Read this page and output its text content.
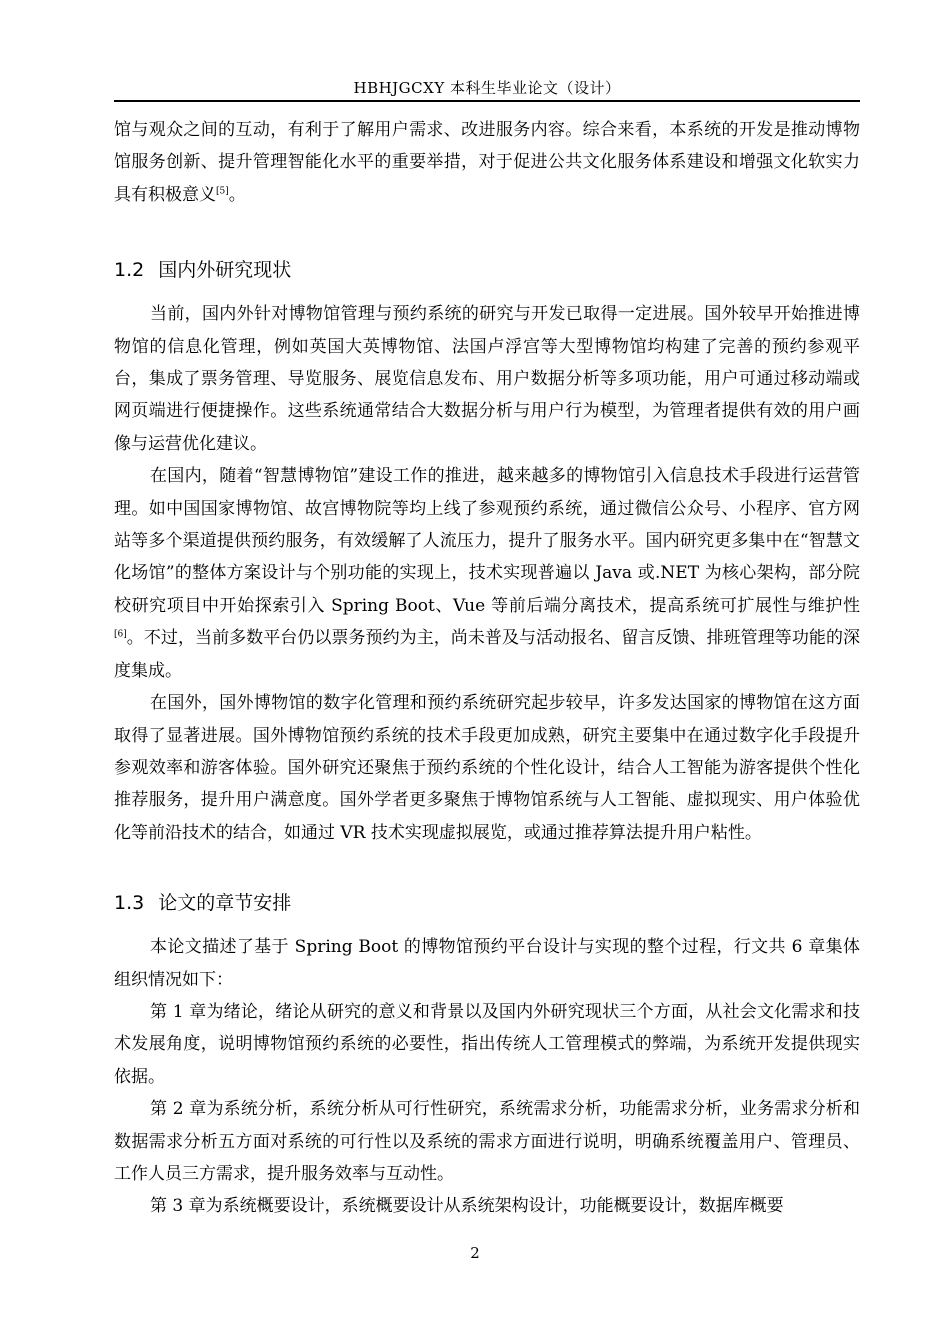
HBHJGCXY 本科生毕业论文（设计）

馆与观众之间的互动，有利于了解用户需求、改进服务内容。综合来看，本系统的开发是推动博物馆服务创新、提升管理智能化水平的重要举措，对于促进公共文化服务体系建设和增强文化软实力具有积极意义[5]。

1.2 国内外研究现状

当前，国内外针对博物馆管理与预约系统的研究与开发已取得一定进展。国外较早开始推进博物馆的信息化管理，例如英国大英博物馆、法国卢浮宫等大型博物馆均构建了完善的预约参观平台，集成了票务管理、导览服务、展览信息发布、用户数据分析等多项功能，用户可通过移动端或网页端进行便捷操作。这些系统通常结合大数据分析与用户行为模型，为管理者提供有效的用户画像与运营优化建议。

在国内，随着“智慧博物馆”建设工作的推进，越来越多的博物馆引入信息技术手段进行运营管理。如中国国家博物馆、故宫博物院等均上线了参观预约系统，通过微信公众号、小程序、官方网站等多个渠道提供预约服务，有效缓解了人流压力，提升了服务水平。国内研究更多集中在“智慧文化场馆”的整体方案设计与个别功能的实现上，技术实现普遍以 Java 或.NET 为核心架构，部分院校研究项目中开始探索引入 Spring Boot、Vue 等前后端分离技术，提高系统可扩展性与维护性[6]。不过，当前多数平台仍以票务预约为主，尚未普及与活动报名、留言反馈、排班管理等功能的深度集成。

在国外，国外博物馆的数字化管理和预约系统研究起步较早，许多发达国家的博物馆在这方面取得了显著进展。国外博物馆预约系统的技术手段更加成熟，研究主要集中在通过数字化手段提升参观效率和游客体验。国外研究还聚焦于预约系统的个性化设计，结合人工智能为游客提供个性化推荐服务，提升用户满意度。国外学者更多聚焦于博物馆系统与人工智能、虚拟现实、用户体验优化等前沿技术的结合，如通过 VR 技术实现虚拟展览，或通过推荐算法提升用户粘性。

1.3 论文的章节安排

本论文描述了基于 Spring Boot 的博物馆预约平台设计与实现的整个过程，行文共 6 章集体组织情况如下：

第 1 章为绪论，绪论从研究的意义和背景以及国内外研究现状三个方面，从社会文化需求和技术发展角度，说明博物馆预约系统的必要性，指出传统人工管理模式的弊端，为系统开发提供现实依据。

第 2 章为系统分析，系统分析从可行性研究，系统需求分析，功能需求分析，业务需求分析和数据需求分析五方面对系统的可行性以及系统的需求方面进行说明，明确系统覆盖用户、管理员、工作人员三方需求，提升服务效率与互动性。

第 3 章为系统概要设计，系统概要设计从系统架构设计，功能概要设计，数据库概要

2
